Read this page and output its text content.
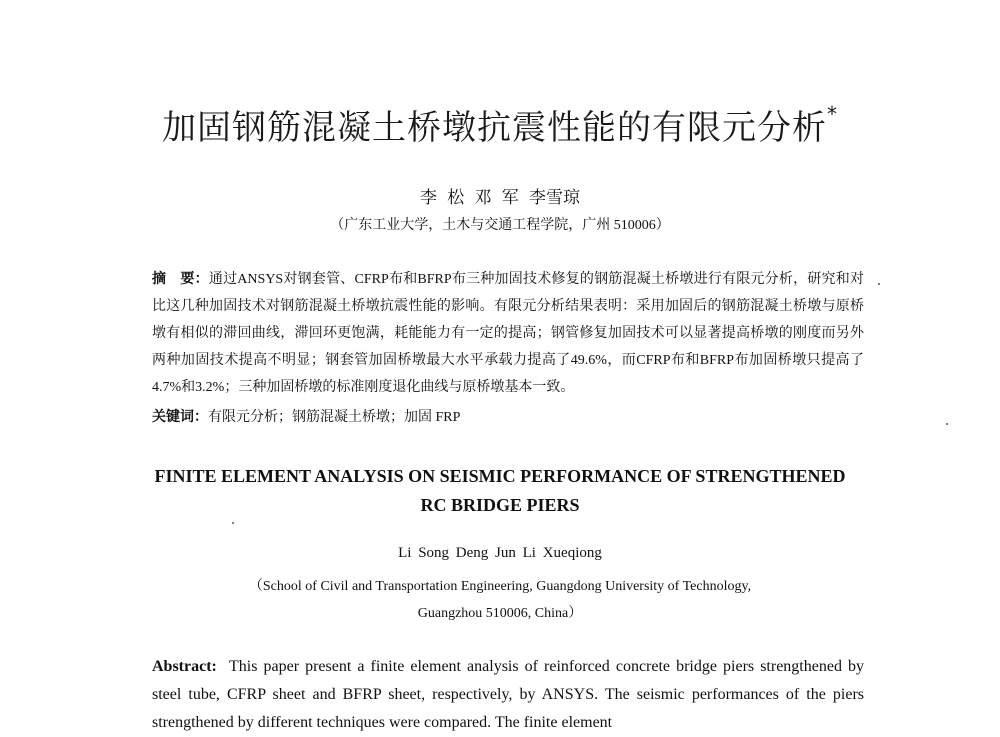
加固钢筋混凝土桥墩抗震性能的有限元分析*
李 松 邓 军 李雪琼
（广东工业大学，土木与交通工程学院，广州 510006）
摘　要：通过ANSYS对钢套管、CFRP布和BFRP布三种加固技术修复的钢筋混凝土桥墩进行有限元分析，研究和对比这几种加固技术对钢筋混凝土桥墩抗震性能的影响。有限元分析结果表明：采用加固后的钢筋混凝土桥墩与原桥墩有相似的滞回曲线，滞回环更饱满，耗能能力有一定的提高；钢管修复加固技术可以显著提高桥墩的刚度而另外两种加固技术提高不明显；钢套管加固桥墩最大水平承载力提高了49.6%，而CFRP布和BFRP布加固桥墩只提高了4.7%和3.2%；三种加固桥墩的标准刚度退化曲线与原桥墩基本一致。
关键词：有限元分析；钢筋混凝土桥墩；加固 FRP
FINITE ELEMENT ANALYSIS ON SEISMIC PERFORMANCE OF STRENGTHENED
RC BRIDGE PIERS
Li Song Deng Jun Li Xueqiong
（School of Civil and Transportation Engineering, Guangdong University of Technology,
Guangzhou 510006, China）
Abstract: This paper present a finite element analysis of reinforced concrete bridge piers strengthened by steel tube, CFRP sheet and BFRP sheet, respectively, by ANSYS. The seismic performances of the piers strengthened by different techniques were compared. The finite element
